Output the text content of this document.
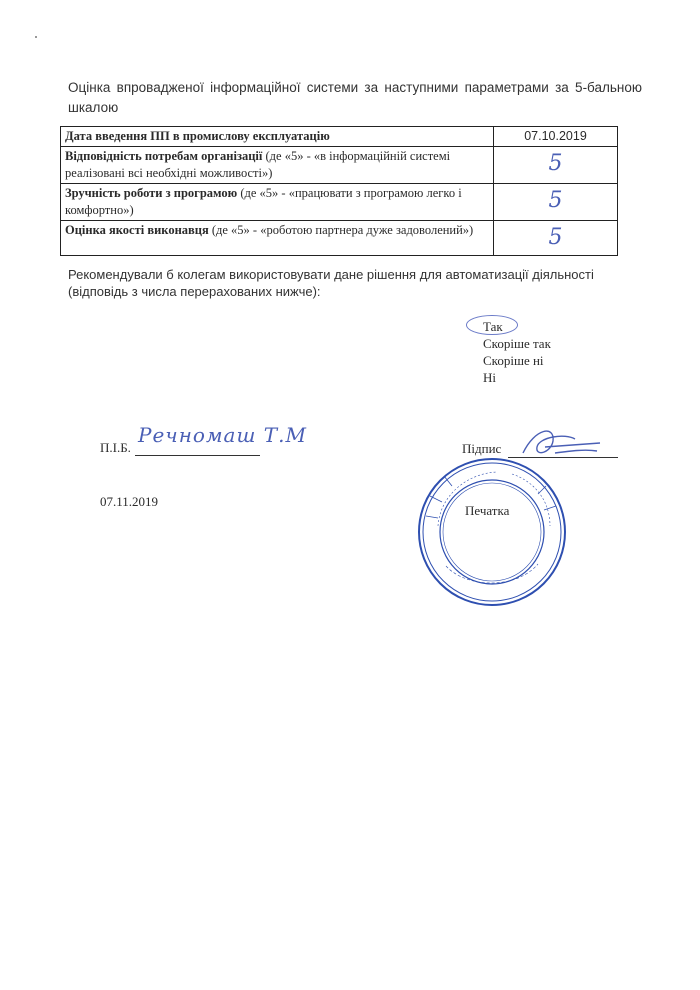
Оцінка впровадженої інформаційної системи за наступними параметрами за 5-бальною шкалою
Дата введення ПП в промислову експлуатацію	07.10.2019
Відповідність потребам організації (де «5» - «в інформаційній системі реалізовані всі необхідні можливості»)	5
Зручність роботи з програмою (де «5» - «працювати з програмою легко і комфортно»)	5
Оцінка якості виконавця (де «5» - «роботою партнера дуже задоволений»)	5
Рекомендували б колегам використовувати дане рішення для автоматизації діяльності (відповідь з числа перерахованих нижче):
Так
Скоріше так
Скоріше ні
Ні
П.І.Б.
Речномаш Т.М
Підпис
07.11.2019
Печатка
